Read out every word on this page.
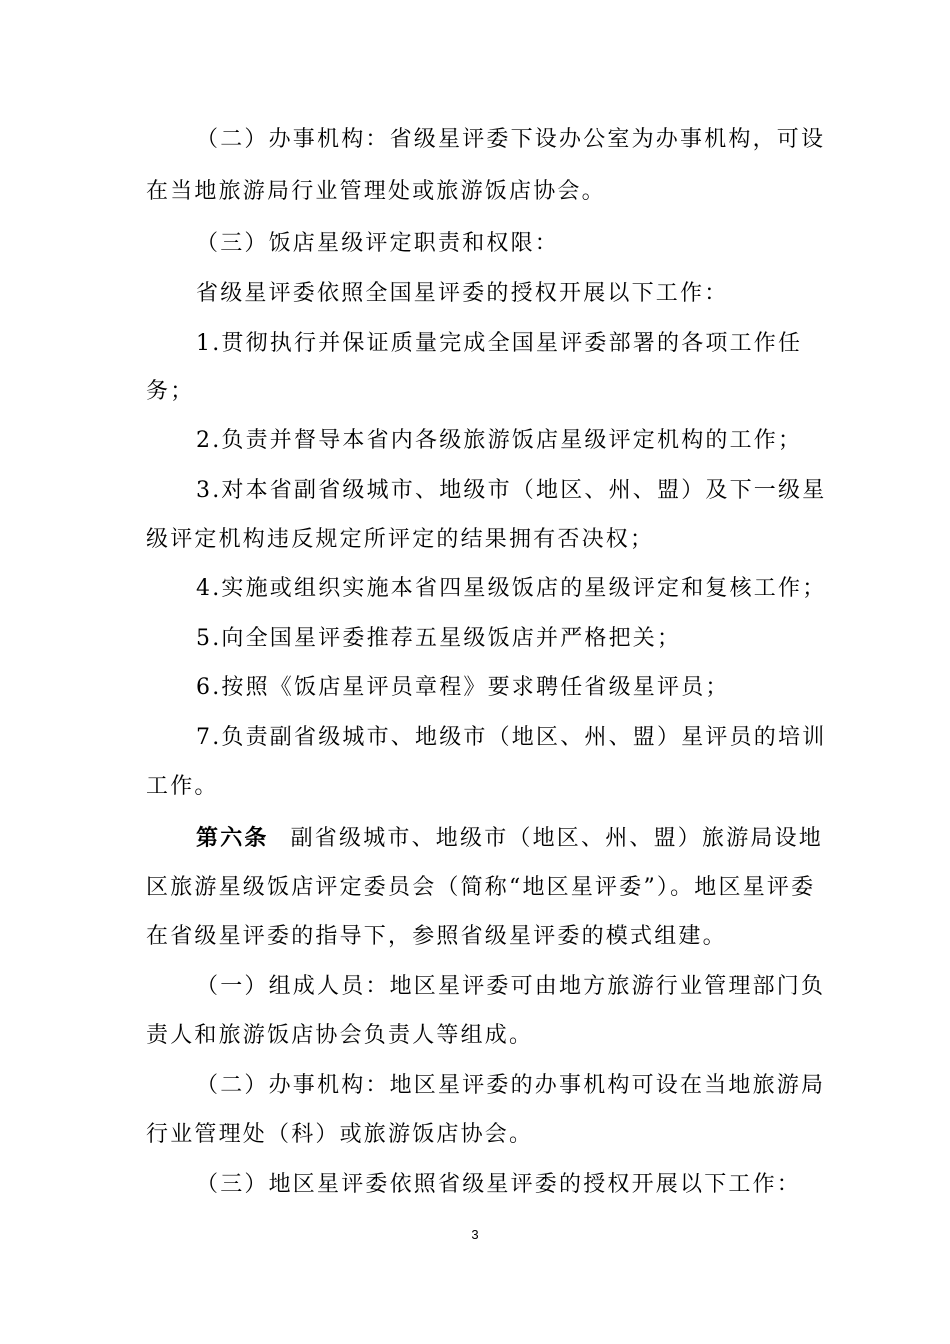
（二）办事机构：省级星评委下设办公室为办事机构，可设
在当地旅游局行业管理处或旅游饭店协会。
（三）饭店星级评定职责和权限：
省级星评委依照全国星评委的授权开展以下工作：
1.贯彻执行并保证质量完成全国星评委部署的各项工作任
务；
2.负责并督导本省内各级旅游饭店星级评定机构的工作；
3.对本省副省级城市、地级市（地区、州、盟）及下一级星
级评定机构违反规定所评定的结果拥有否决权；
4.实施或组织实施本省四星级饭店的星级评定和复核工作；
5.向全国星评委推荐五星级饭店并严格把关；
6.按照《饭店星评员章程》要求聘任省级星评员；
7.负责副省级城市、地级市（地区、州、盟）星评员的培训
工作。
第六条 副省级城市、地级市（地区、州、盟）旅游局设地
区旅游星级饭店评定委员会（简称“地区星评委”）。地区星评委
在省级星评委的指导下，参照省级星评委的模式组建。
（一）组成人员：地区星评委可由地方旅游行业管理部门负
责人和旅游饭店协会负责人等组成。
（二）办事机构：地区星评委的办事机构可设在当地旅游局
行业管理处（科）或旅游饭店协会。
（三）地区星评委依照省级星评委的授权开展以下工作：
3
